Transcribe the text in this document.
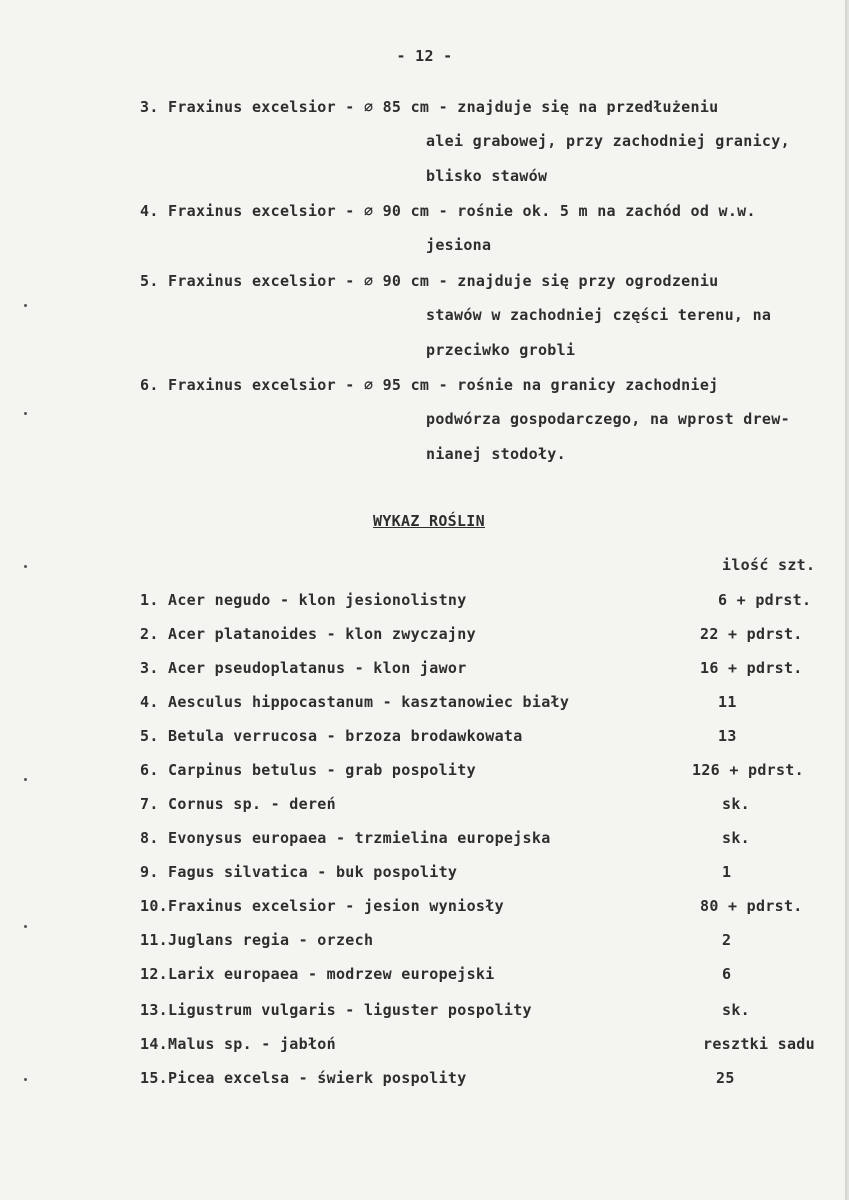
- 12 -
3. Fraxinus excelsior - ∅ 85 cm - znajduje się na przedłużeniu
alei grabowej, przy zachodniej granicy,
blisko stawów
4. Fraxinus excelsior - ∅ 90 cm - rośnie ok. 5 m na zachód od w.w.
jesiona
5. Fraxinus excelsior - ∅ 90 cm - znajduje się przy ogrodzeniu
stawów w zachodniej części terenu, na
przeciwko grobli
6. Fraxinus excelsior - ∅ 95 cm - rośnie na granicy zachodniej
podwórza gospodarczego, na wprost drew-
nianej stodoły.
WYKAZ ROŚLIN
ilość szt.
1. Acer negudo - klon jesionolistny	6 + pdrst.
2. Acer platanoides - klon zwyczajny	22 + pdrst.
3. Acer pseudoplatanus - klon jawor	16 + pdrst.
4. Aesculus hippocastanum - kasztanowiec biały	11
5. Betula verrucosa - brzoza brodawkowata	13
6. Carpinus betulus - grab pospolity	126 + pdrst.
7. Cornus sp. - dereń	sk.
8. Evonysus europaea - trzmielina europejska	sk.
9. Fagus silvatica - buk pospolity	1
10.Fraxinus excelsior - jesion wyniosły	80 + pdrst.
11.Juglans regia - orzech	2
12.Larix europaea - modrzew europejski	6
13.Ligustrum vulgaris - liguster pospolity	sk.
14.Malus sp. - jabłoń	resztki sadu
15.Picea excelsa - świerk pospolity	25
